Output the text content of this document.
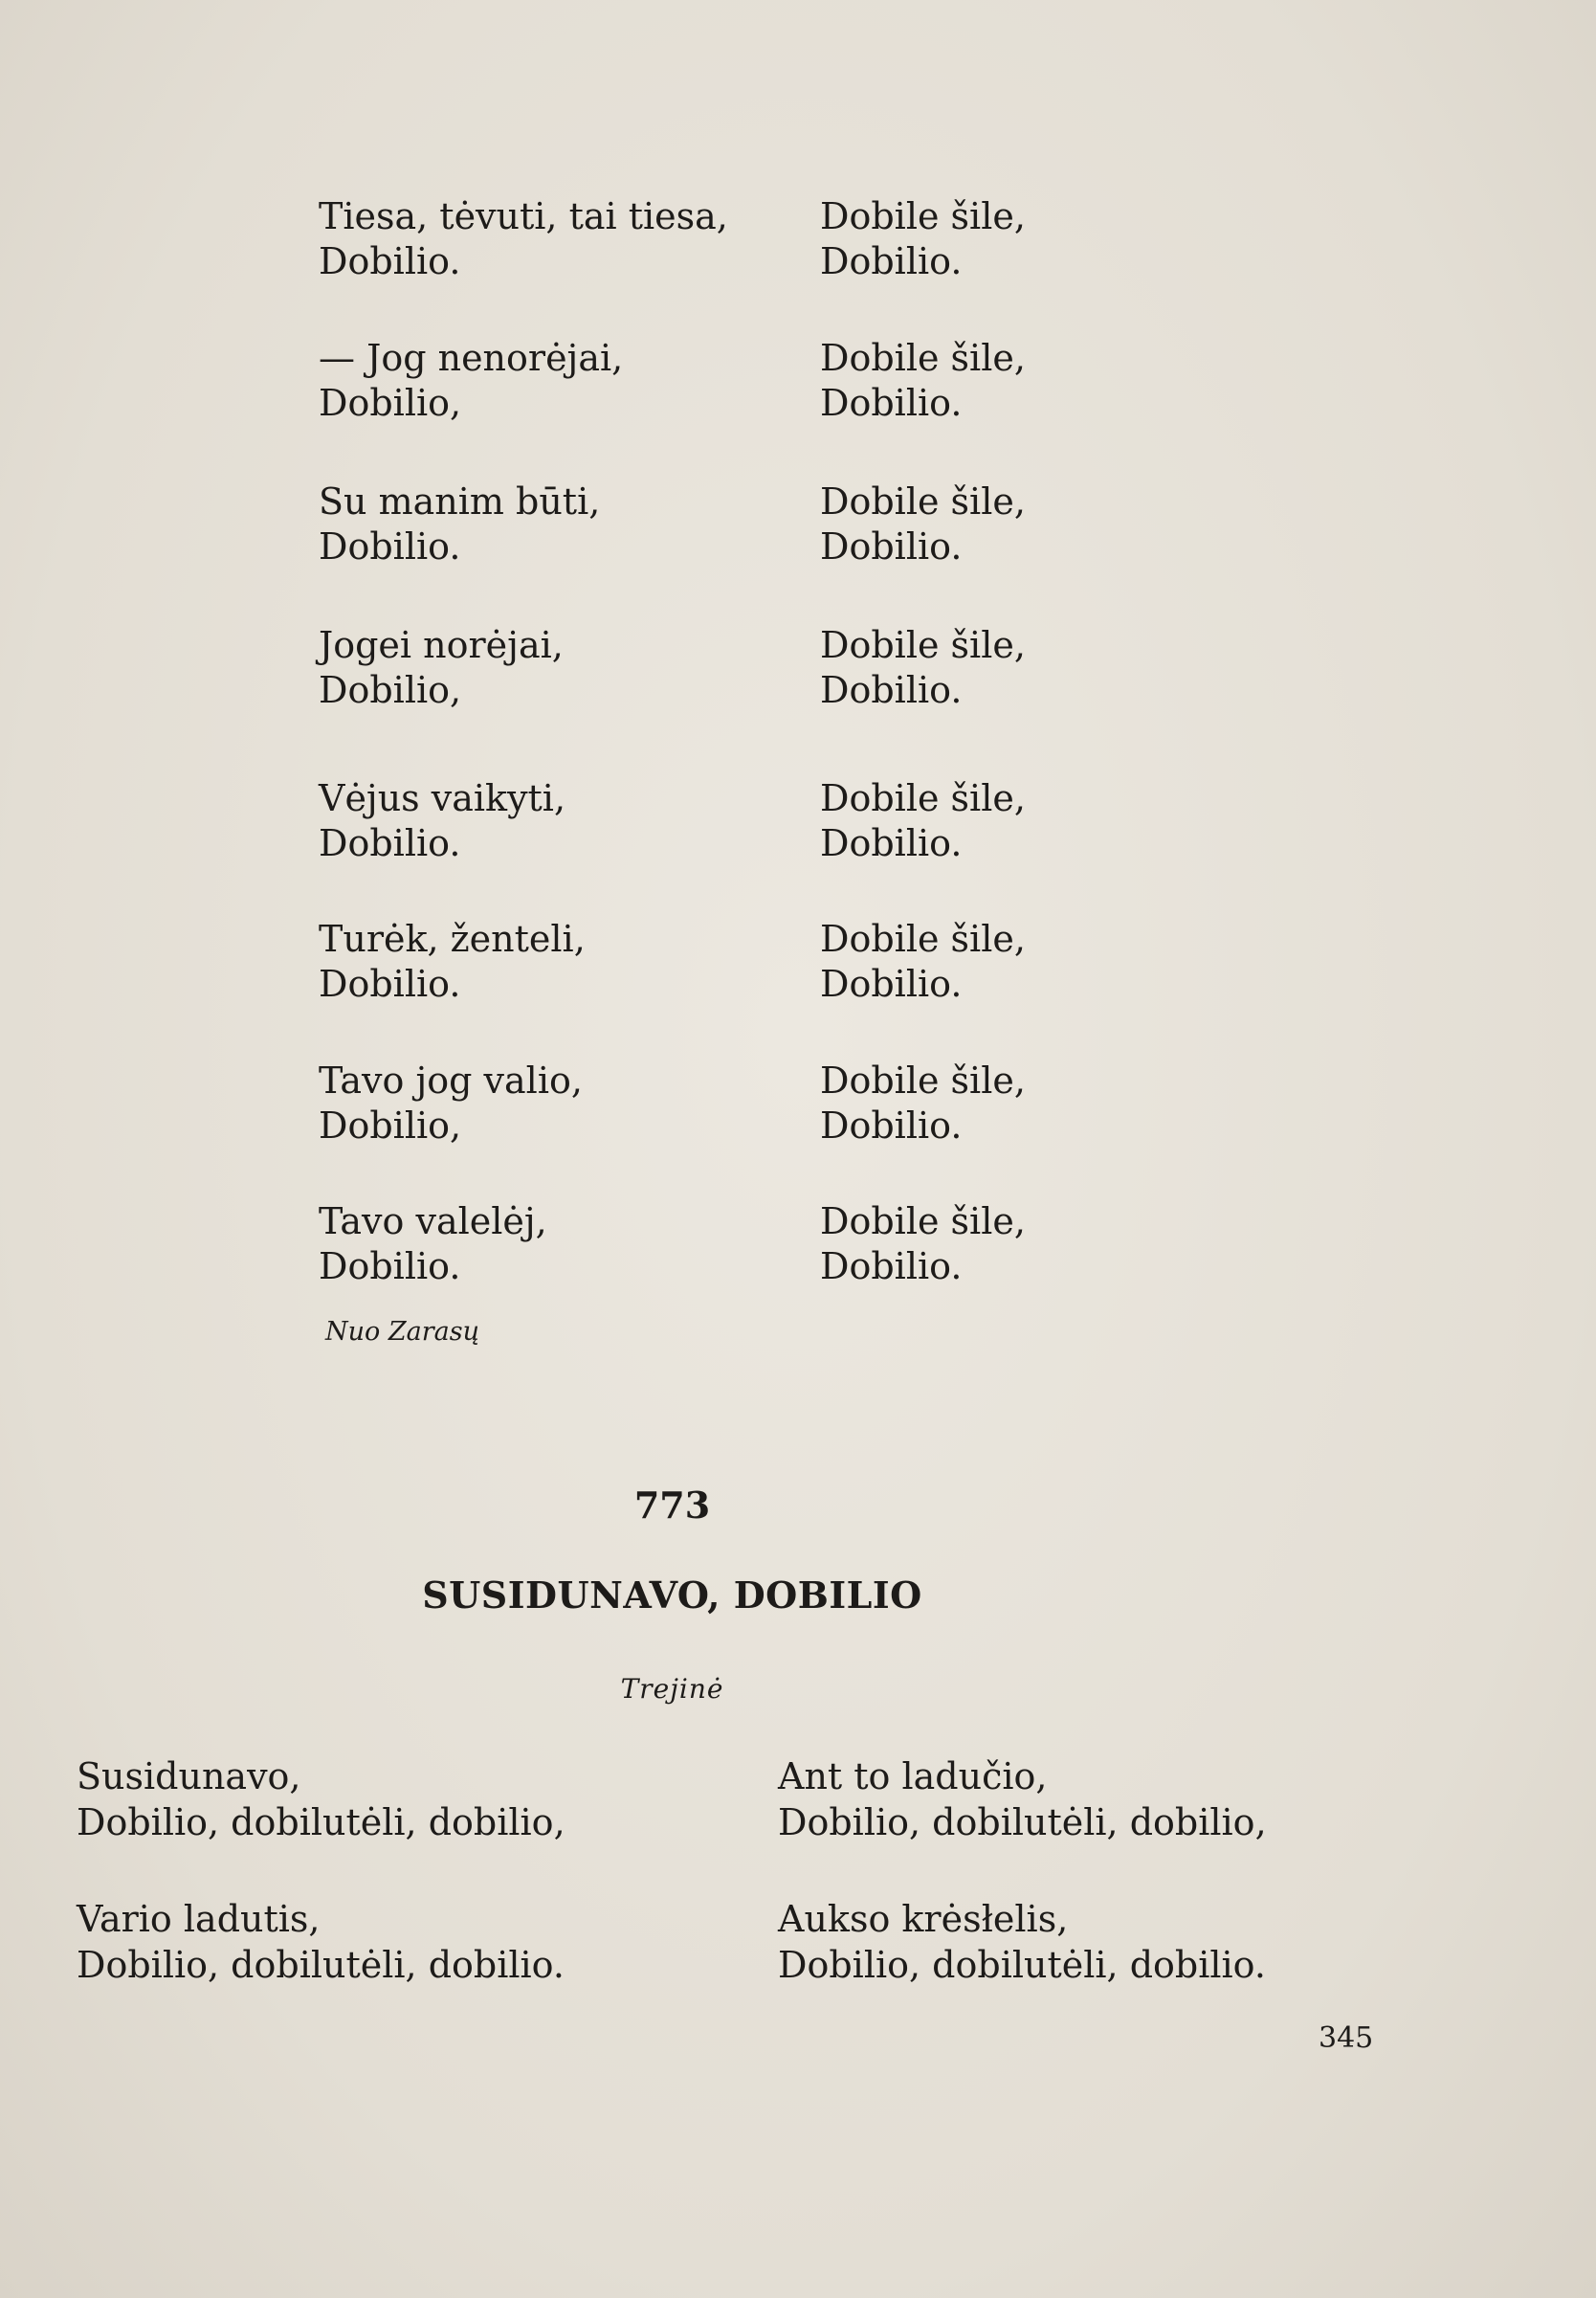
Tiesa, tėvuti, tai tiesa,
Dobilio.
Dobile šile,
Dobilio.
— Jog nenorėjai,
Dobilio,
Dobile šile,
Dobilio.
Su manim būti,
Dobilio.
Dobile šile,
Dobilio.
Jogei norėjai,
Dobilio,
Dobile šile,
Dobilio.
Vėjus vaikyti,
Dobilio.
Dobile šile,
Dobilio.
Turėk, ženteli,
Dobilio.
Dobile šile,
Dobilio.
Tavo jog valio,
Dobilio,
Dobile šile,
Dobilio.
Tavo valelėj,
Dobilio.
Dobile šile,
Dobilio.
Nuo Zarasų
773
SUSIDUNAVO, DOBILIO
Trejinė
Susidunavo,
Dobilio, dobilutėli, dobilio,
Ant to ladučio,
Dobilio, dobilutėli, dobilio,
Vario ladutis,
Dobilio, dobilutėli, dobilio.
Aukso krėsłelis,
Dobilio, dobilutėli, dobilio.
345
